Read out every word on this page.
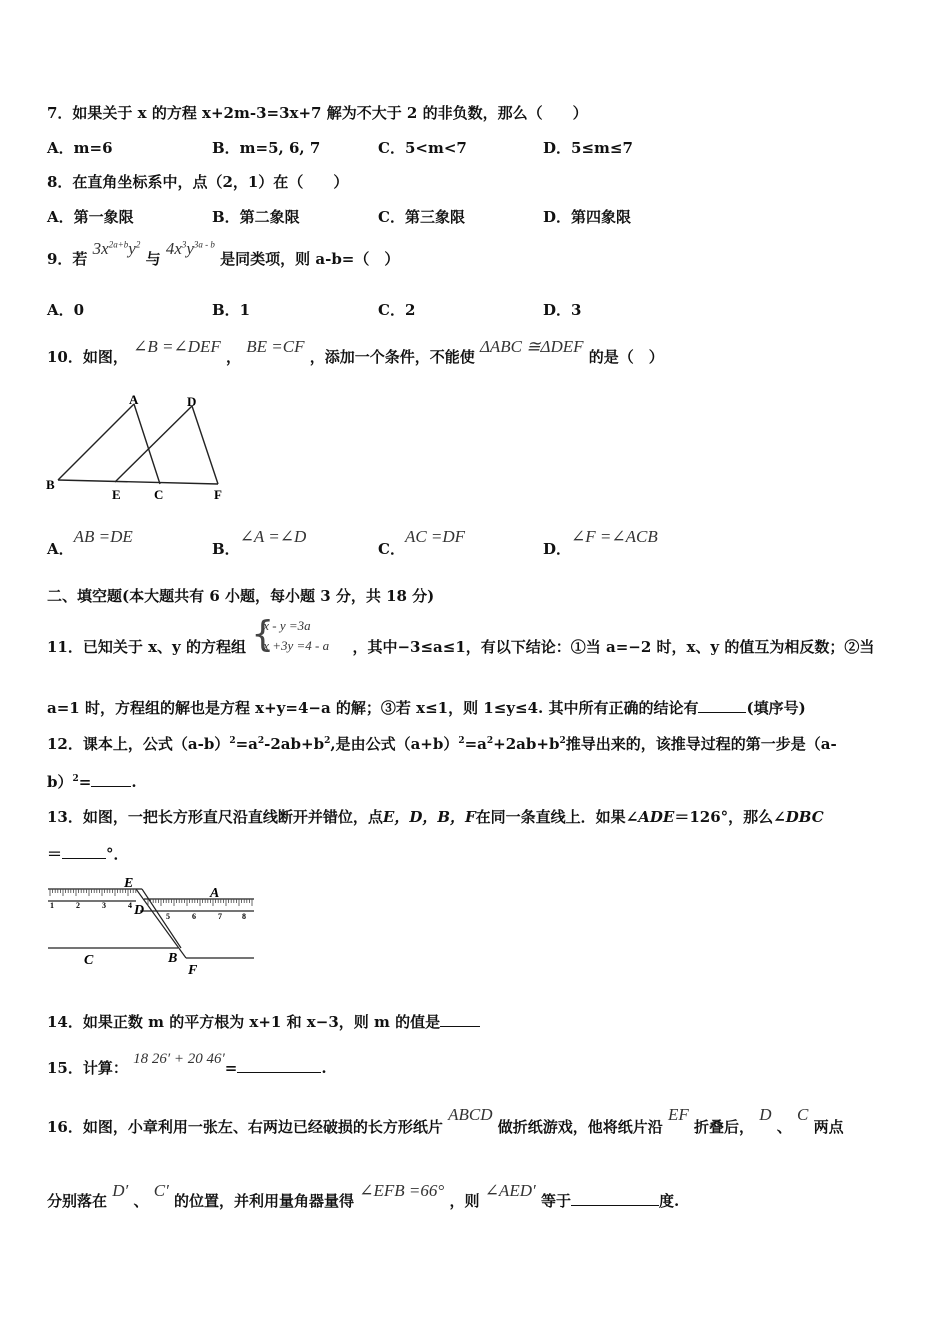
7．如果关于 x 的方程 x+2m-3=3x+7 解为不大于 2 的非负数，那么（　　）
A．m=6	B．m=5, 6, 7	C．5<m<7	D．5≤m≤7
8．在直角坐标系中，点（2，1）在（　　）
A．第一象限	B．第二象限	C．第三象限	D．第四象限
9．若 $3x^{2a+b}y^2$ 与 $4x^3y^{3a - b}$ 是同类项，则 a-b=（　）
A．0	B．1	C．2	D．3
10．如图， ∠B =∠DEF ， BE =CF ，添加一个条件，不能使 ΔABC ≅ΔDEF 的是（　）
A	D
B
E	C	F
A．AB =DE
B．∠A =∠D
C．AC =DF
D．∠F =∠ACB
二、填空题(本大题共有 6 小题，每小题 3 分，共 18 分)
11．已知关于 x、y 的方程组 {
x - y =3a
x +3y =4 - a ，其中−3≤a≤1，有以下结论：①当 a=−2 时，x、y 的值互为相反数；②当
a=1 时，方程组的解也是方程 x+y=4−a 的解；③若 x≤1，则 1≤y≤4. 其中所有正确的结论有	(填序号)
12．课本上，公式$(a-b)^2=a^2-2ab+b^2$,是由公式$(a+b)^2=a^2+2ab+b^2$推导出来的，该推导过程的第一步是（a-
b）$^2$=	.
13．如图，一把长方形直尺沿直线断开并错位，点E，D，B，F在同一条直线上．如果∠ADE＝126°，那么∠DBC
＝	°．
1	2	3	4
5	6	7	8
E
A
D
C	B
F
14．如果正数 m 的平方根为 x+1 和 x−3，则 m 的值是
15．计算： 18 26′ + 20 46′=	.
16．如图，小章利用一张左、右两边已经破损的长方形纸片 ABCD 做折纸游戏，他将纸片沿 EF 折叠后， D 、 C 两点
分别落在 D′ 、 C′ 的位置，并利用量角器量得 ∠EFB =66° ，则 ∠AED′ 等于	度.
